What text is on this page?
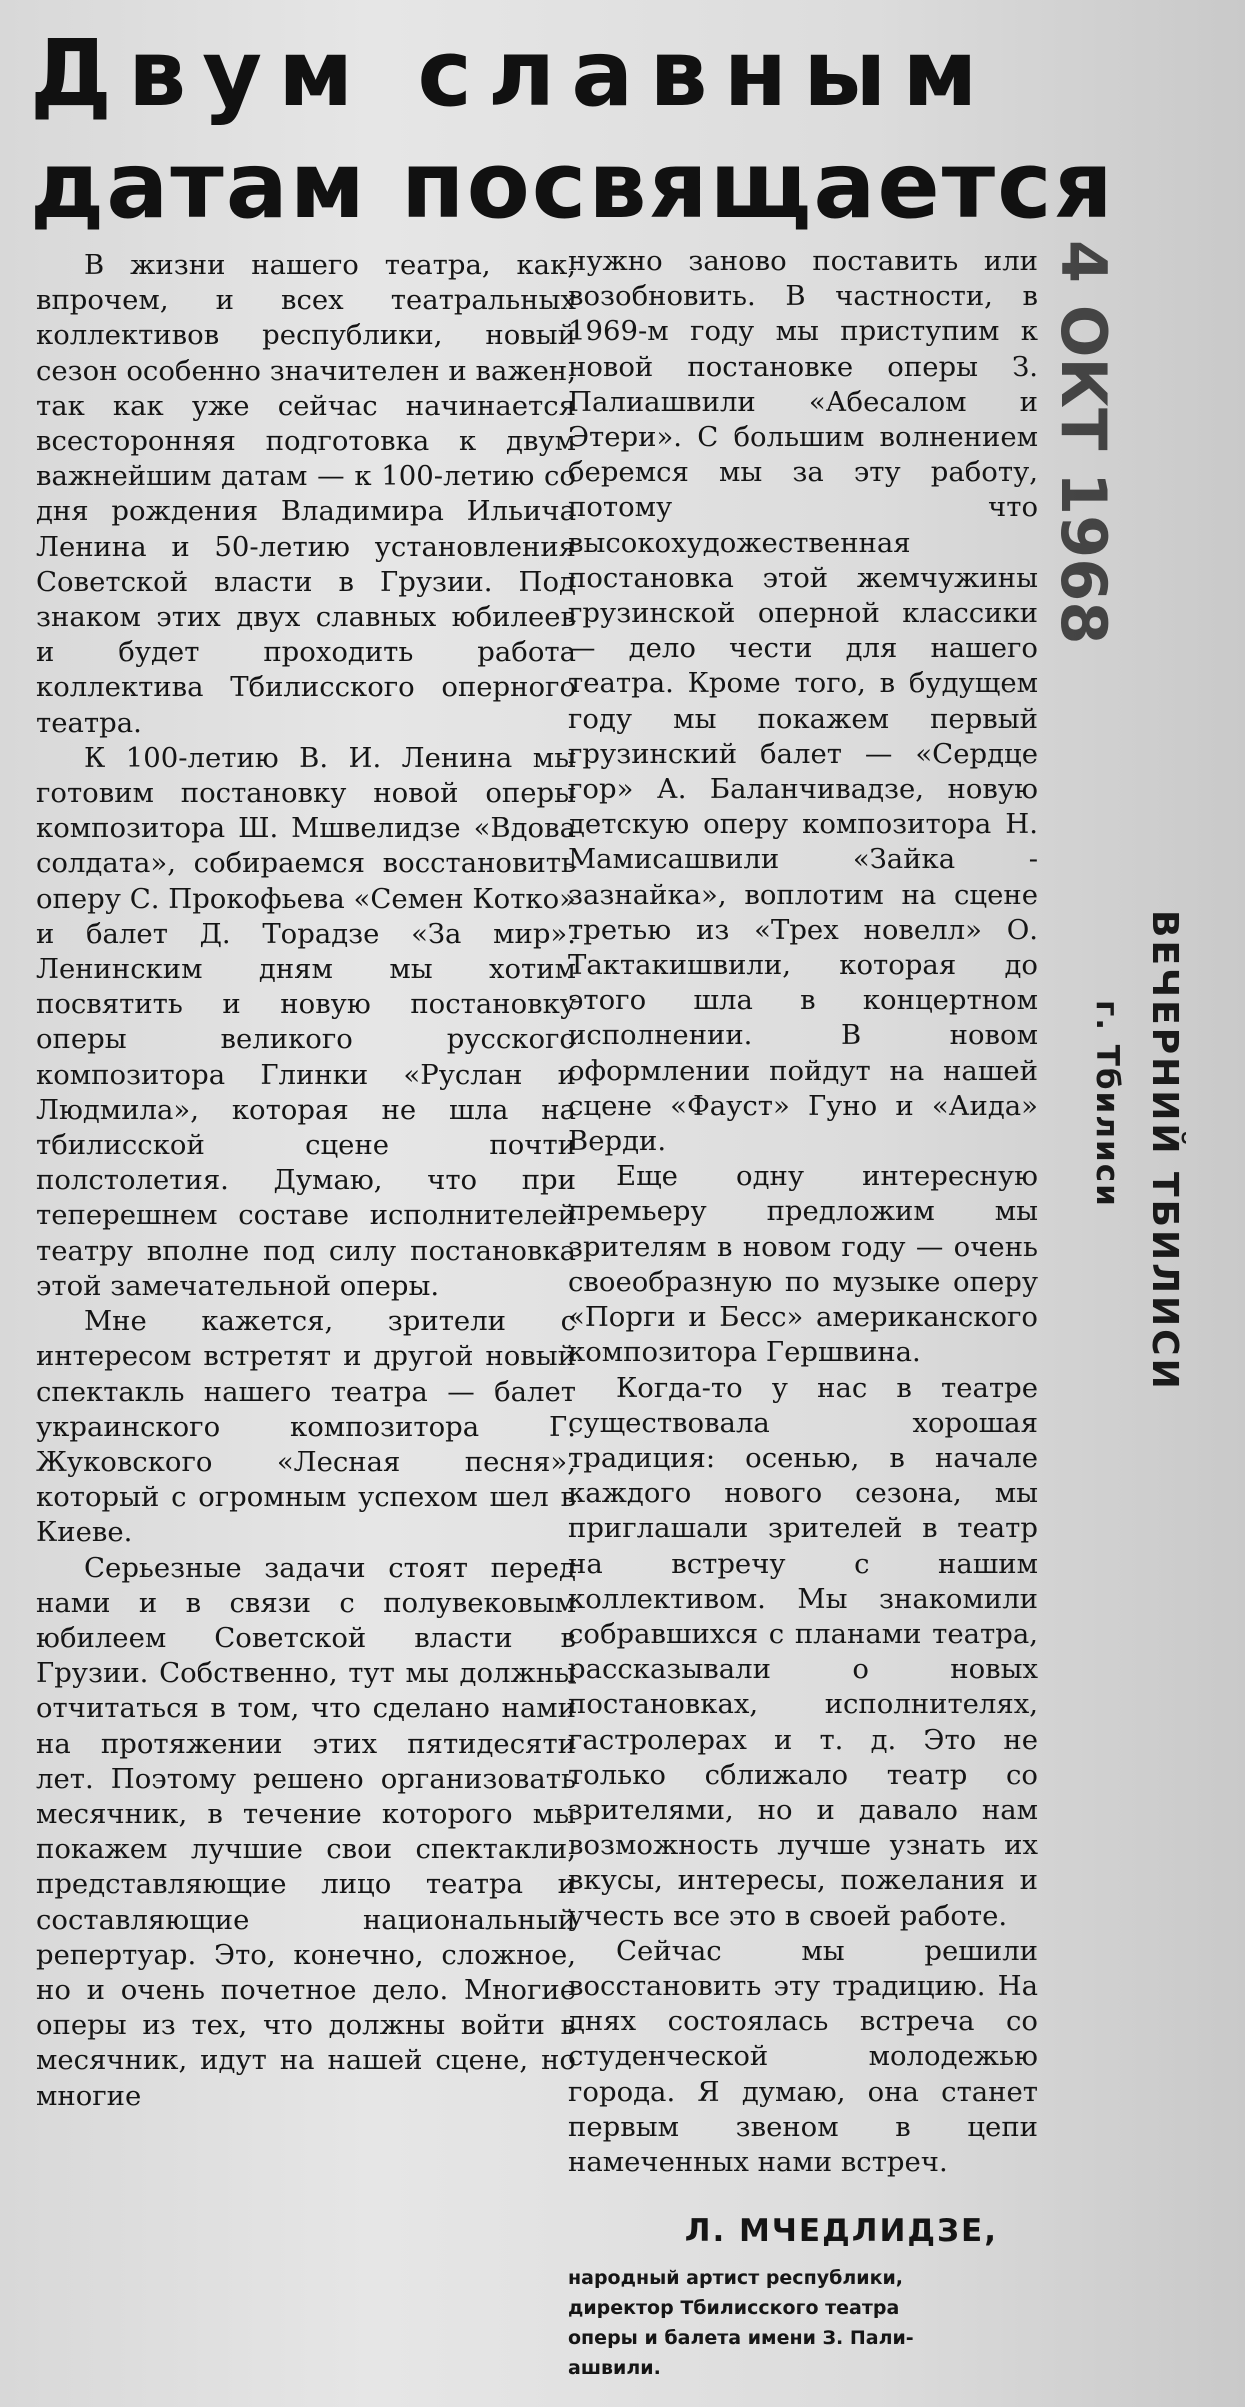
Двум славным
датам посвящается
4 ОКТ 1968
ВЕЧЕРНИЙ ТБИЛИСИ
г. Тбилиси

В жизни нашего театра, как, впрочем, и всех театральных коллективов республики, новый сезон особенно значителен и важен, так как уже сейчас начинается всесторонняя подготовка к двум важнейшим датам — к 100-летию со дня рождения Владимира Ильича Ленина и 50-летию установления Советской власти в Грузии. Под знаком этих двух славных юбилеев и будет проходить работа коллектива Тбилисского оперного театра.

К 100-летию В. И. Ленина мы готовим постановку новой оперы композитора Ш. Мшвелидзе «Вдова солдата», собираемся восстановить оперу С. Прокофьева «Семен Котко» и балет Д. Торадзе «За мир». Ленинским дням мы хотим посвятить и новую постановку оперы великого русского композитора Глинки «Руслан и Людмила», которая не шла на тбилисской сцене почти полстолетия. Думаю, что при теперешнем составе исполнителей театру вполне под силу постановка этой замечательной оперы.

Мне кажется, зрители с интересом встретят и другой новый спектакль нашего театра — балет украинского композитора Г. Жуковского «Лесная песня», который с огромным успехом шел в Киеве.

Серьезные задачи стоят перед нами и в связи с полувековым юбилеем Советской власти в Грузии. Собственно, тут мы должны отчитаться в том, что сделано нами на протяжении этих пятидесяти лет. Поэтому решено организовать месячник, в течение которого мы покажем лучшие свои спектакли, представляющие лицо театра и составляющие национальный репертуар. Это, конечно, сложное, но и очень почетное дело. Многие оперы из тех, что должны войти в месячник, идут на нашей сцене, но многие

нужно заново поставить или возобновить. В частности, в 1969-м году мы приступим к новой постановке оперы З. Палиашвили «Абесалом и Этери». С большим волнением беремся мы за эту работу, потому что высокохудожественная постановка этой жемчужины грузинской оперной классики — дело чести для нашего театра. Кроме того, в будущем году мы покажем первый грузинский балет — «Сердце гор» А. Баланчивадзе, новую детскую оперу композитора Н. Мамисашвили «Зайка - зазнайка», воплотим на сцене третью из «Трех новелл» О. Тактакишвили, которая до этого шла в концертном исполнении. В новом оформлении пойдут на нашей сцене «Фауст» Гуно и «Аида» Верди.

Еще одну интересную премьеру предложим мы зрителям в новом году — очень своеобразную по музыке оперу «Порги и Бесс» американского композитора Гершвина.

Когда-то у нас в театре существовала хорошая традиция: осенью, в начале каждого нового сезона, мы приглашали зрителей в театр на встречу с нашим коллективом. Мы знакомили собравшихся с планами театра, рассказывали о новых постановках, исполнителях, гастролерах и т. д. Это не только сближало театр со зрителями, но и давало нам возможность лучше узнать их вкусы, интересы, пожелания и учесть все это в своей работе.

Сейчас мы решили восстановить эту традицию. На днях состоялась встреча со студенческой молодежью города. Я думаю, она станет первым звеном в цепи намеченных нами встреч.

Л. МЧЕДЛИДЗЕ,
народный артист республики,
директор Тбилисского театра
оперы и балета имени З. Пали-
ашвили.
